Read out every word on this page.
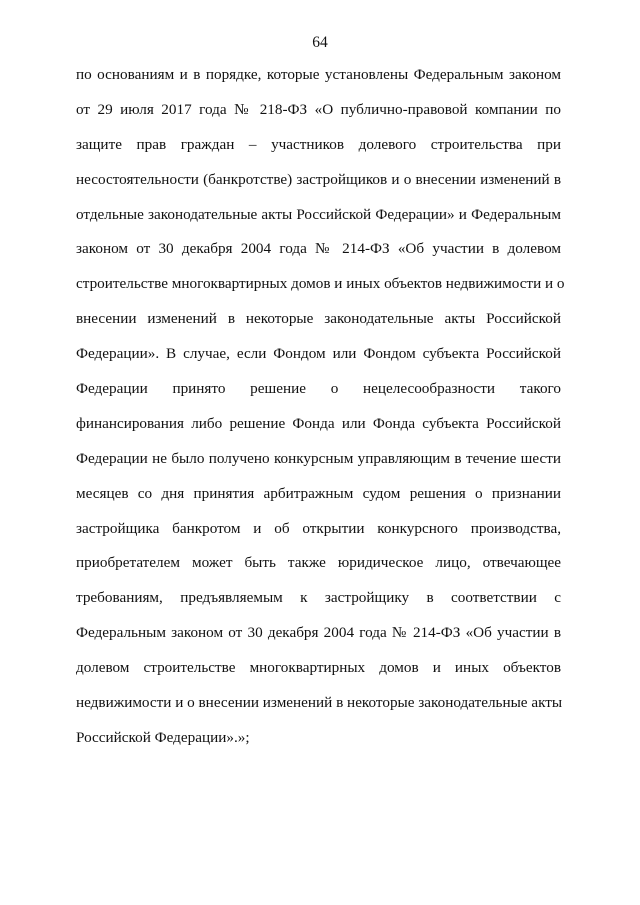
64
по основаниям и в порядке, которые установлены Федеральным законом
от 29 июля 2017 года № 218-ФЗ «О публично-правовой компании по
защите прав граждан – участников долевого строительства при
несостоятельности (банкротстве) застройщиков и о внесении изменений в
отдельные законодательные акты Российской Федерации» и Федеральным
законом от 30 декабря 2004 года № 214-ФЗ «Об участии в долевом
строительстве многоквартирных домов и иных объектов недвижимости и о
внесении изменений в некоторые законодательные акты Российской
Федерации». В случае, если Фондом или Фондом субъекта Российской
Федерации принято решение о нецелесообразности такого
финансирования либо решение Фонда или Фонда субъекта Российской
Федерации не было получено конкурсным управляющим в течение шести
месяцев со дня принятия арбитражным судом решения о признании
застройщика банкротом и об открытии конкурсного производства,
приобретателем может быть также юридическое лицо, отвечающее
требованиям, предъявляемым к застройщику в соответствии с
Федеральным законом от 30 декабря 2004 года № 214-ФЗ «Об участии в
долевом строительстве многоквартирных домов и иных объектов
недвижимости и о внесении изменений в некоторые законодательные акты
Российской Федерации».»;
